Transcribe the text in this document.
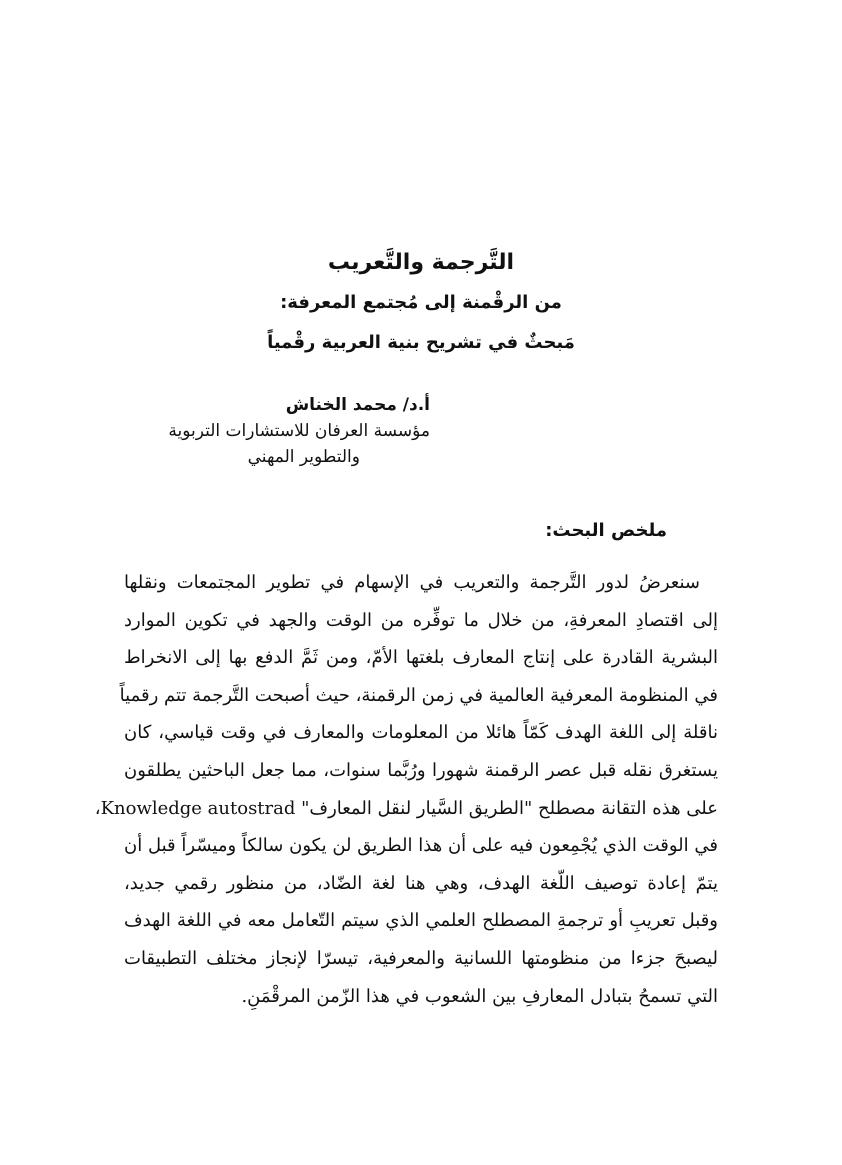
التَّرجمة والتَّعريب

من الرقْمنة إلى مُجتمع المعرفة:

مَبحثٌ في تشريح بنية العربية رقْمياً

أ.د/ محمد الخناش

مؤسسة العرفان للاستشارات التربوية

والتطوير المهني

ملخص البحث:

سنعرضُ لدور التَّرجمة والتعريب في الإسهام في تطوير المجتمعات ونقلها
إلى اقتصادِ المعرفةِ، من خلال ما توفِّره من الوقت والجهد في تكوين الموارد
البشرية القادرة على إنتاج المعارف بلغتها الأمّ، ومن ثَمَّ الدفع بها إلى الانخراط
في المنظومة المعرفية العالمية في زمن الرقمنة، حيث أصبحت التَّرجمة تتم رقمياً
ناقلة إلى اللغة الهدف كَمّاً هائلا من المعلومات والمعارف في وقت قياسي، كان
يستغرق نقله قبل عصر الرقمنة شهورا ورُبَّما سنوات، مما جعل الباحثين يطلقون
على هذه التقانة مصطلح "الطريق السَّيار لنقل المعارف" Knowledge autostrad،
في الوقت الذي يُجْمِعون فيه على أن هذا الطريق لن يكون سالكاً وميسّراً قبل أن
يتمّ إعادة توصيف اللّغة الهدف، وهي هنا لغة الضّاد، من منظور رقمي جديد،
وقبل تعريبِ أو ترجمةِ المصطلح العلمي الذي سيتم التّعامل معه في اللغة الهدف
ليصبحَ جزءا من منظومتها اللسانية والمعرفية، تيسرّا لإنجاز مختلف التطبيقات
التي تسمحُ بتبادل المعارفِ بين الشعوب في هذا الزّمن المرقْمَنِ.
